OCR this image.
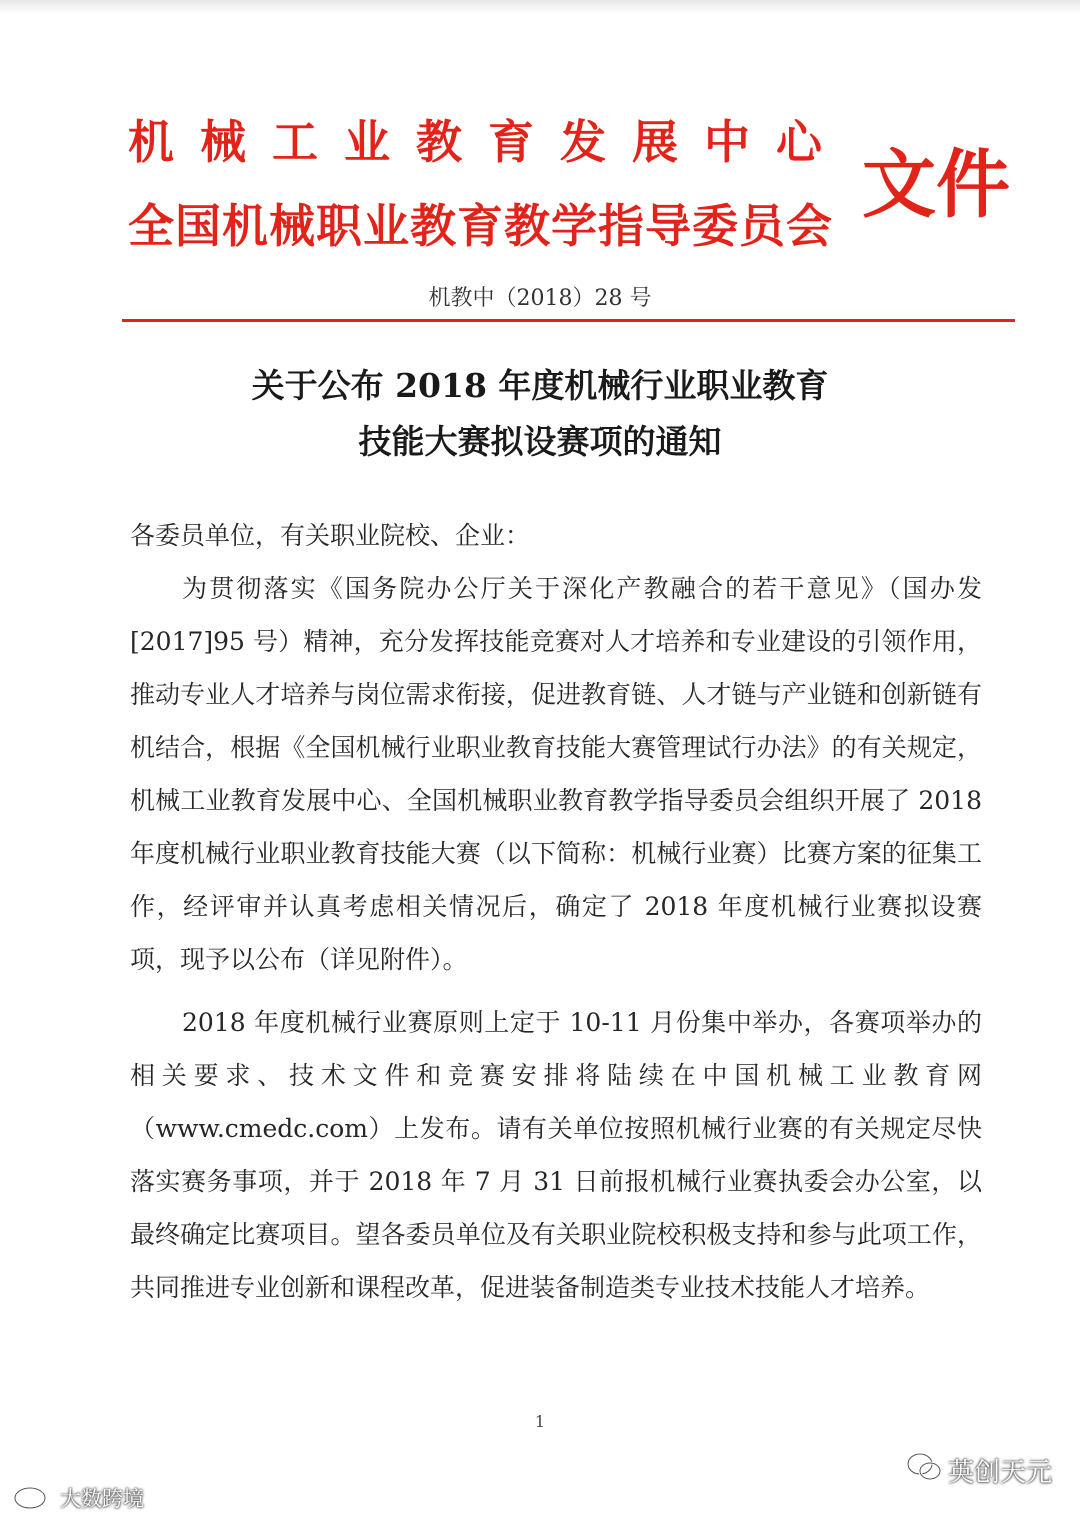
机械工业教育发展中心
全国机械职业教育教学指导委员会 文件
机教中（2018）28 号
关于公布 2018 年度机械行业职业教育
技能大赛拟设赛项的通知
各委员单位，有关职业院校、企业：

为贯彻落实《国务院办公厅关于深化产教融合的若干意见》（国办发[2017]95 号）精神，充分发挥技能竞赛对人才培养和专业建设的引领作用，推动专业人才培养与岗位需求衔接，促进教育链、人才链与产业链和创新链有机结合，根据《全国机械行业职业教育技能大赛管理试行办法》的有关规定，机械工业教育发展中心、全国机械职业教育教学指导委员会组织开展了 2018 年度机械行业职业教育技能大赛（以下简称：机械行业赛）比赛方案的征集工作，经评审并认真考虑相关情况后，确定了 2018 年度机械行业赛拟设赛项，现予以公布（详见附件）。

2018 年度机械行业赛原则上定于 10-11 月份集中举办，各赛项举办的相关要求、技术文件和竞赛安排将陆续在中国机械工业教育网（www.cmedc.com）上发布。请有关单位按照机械行业赛的有关规定尽快落实赛务事项，并于 2018 年 7 月 31 日前报机械行业赛执委会办公室，以最终确定比赛项目。望各委员单位及有关职业院校积极支持和参与此项工作，共同推进专业创新和课程改革，促进装备制造类专业技术技能人才培养。

1
大数跨境
英创天元
